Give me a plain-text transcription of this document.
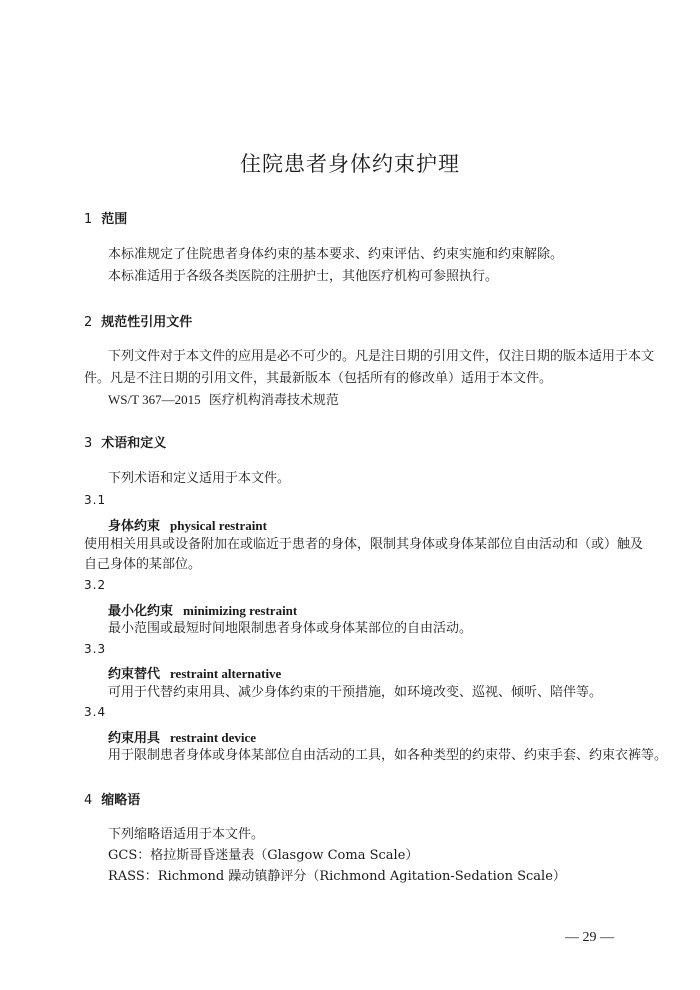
住院患者身体约束护理
1 范围
本标准规定了住院患者身体约束的基本要求、约束评估、约束实施和约束解除。
本标准适用于各级各类医院的注册护士，其他医疗机构可参照执行。
2 规范性引用文件
下列文件对于本文件的应用是必不可少的。凡是注日期的引用文件，仅注日期的版本适用于本文
件。凡是不注日期的引用文件，其最新版本（包括所有的修改单）适用于本文件。
WS/T 367—2015 医疗机构消毒技术规范
3 术语和定义
下列术语和定义适用于本文件。
3.1
身体约束 physical restraint
使用相关用具或设备附加在或临近于患者的身体，限制其身体或身体某部位自由活动和（或）触及
自己身体的某部位。
3.2
最小化约束 minimizing restraint
最小范围或最短时间地限制患者身体或身体某部位的自由活动。
3.3
约束替代 restraint alternative
可用于代替约束用具、减少身体约束的干预措施，如环境改变、巡视、倾听、陪伴等。
3.4
约束用具 restraint device
用于限制患者身体或身体某部位自由活动的工具，如各种类型的约束带、约束手套、约束衣裤等。
4 缩略语
下列缩略语适用于本文件。
GCS：格拉斯哥昏迷量表（Glasgow Coma Scale）
RASS：Richmond 躁动镇静评分（Richmond Agitation-Sedation Scale）
— 29 —
